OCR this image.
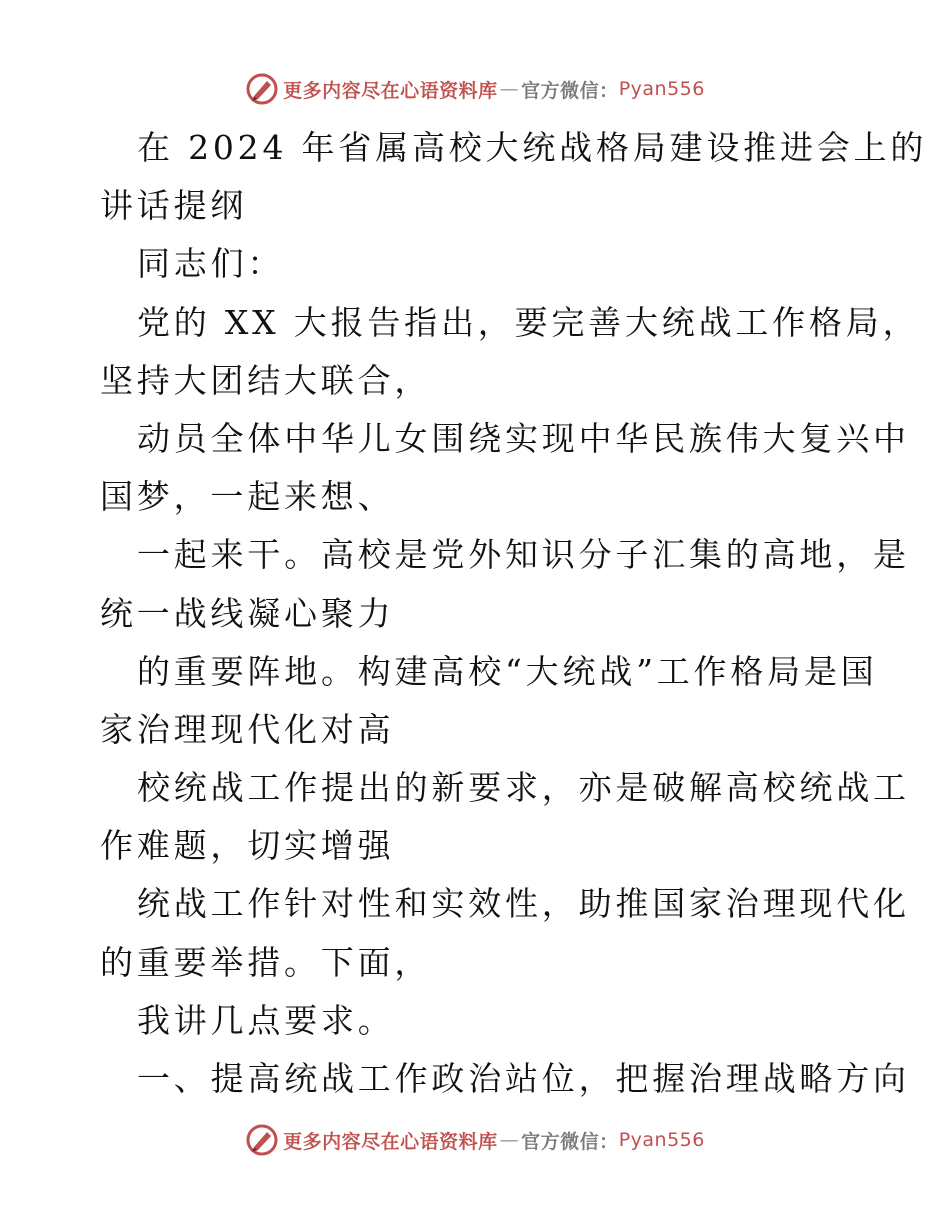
更多内容尽在心语资料库 — 官方微信： Pyan556
在 2024 年省属高校大统战格局建设推进会上的
讲话提纲
同志们：
党的 XX 大报告指出，要完善大统战工作格局，
坚持大团结大联合，
动员全体中华儿女围绕实现中华民族伟大复兴中
国梦，一起来想、
一起来干。高校是党外知识分子汇集的高地，是
统一战线凝心聚力
的重要阵地。构建高校“大统战”工作格局是国
家治理现代化对高
校统战工作提出的新要求，亦是破解高校统战工
作难题，切实增强
统战工作针对性和实效性，助推国家治理现代化
的重要举措。下面，
我讲几点要求。
一、提高统战工作政治站位，把握治理战略方向
更多内容尽在心语资料库 — 官方微信： Pyan556
